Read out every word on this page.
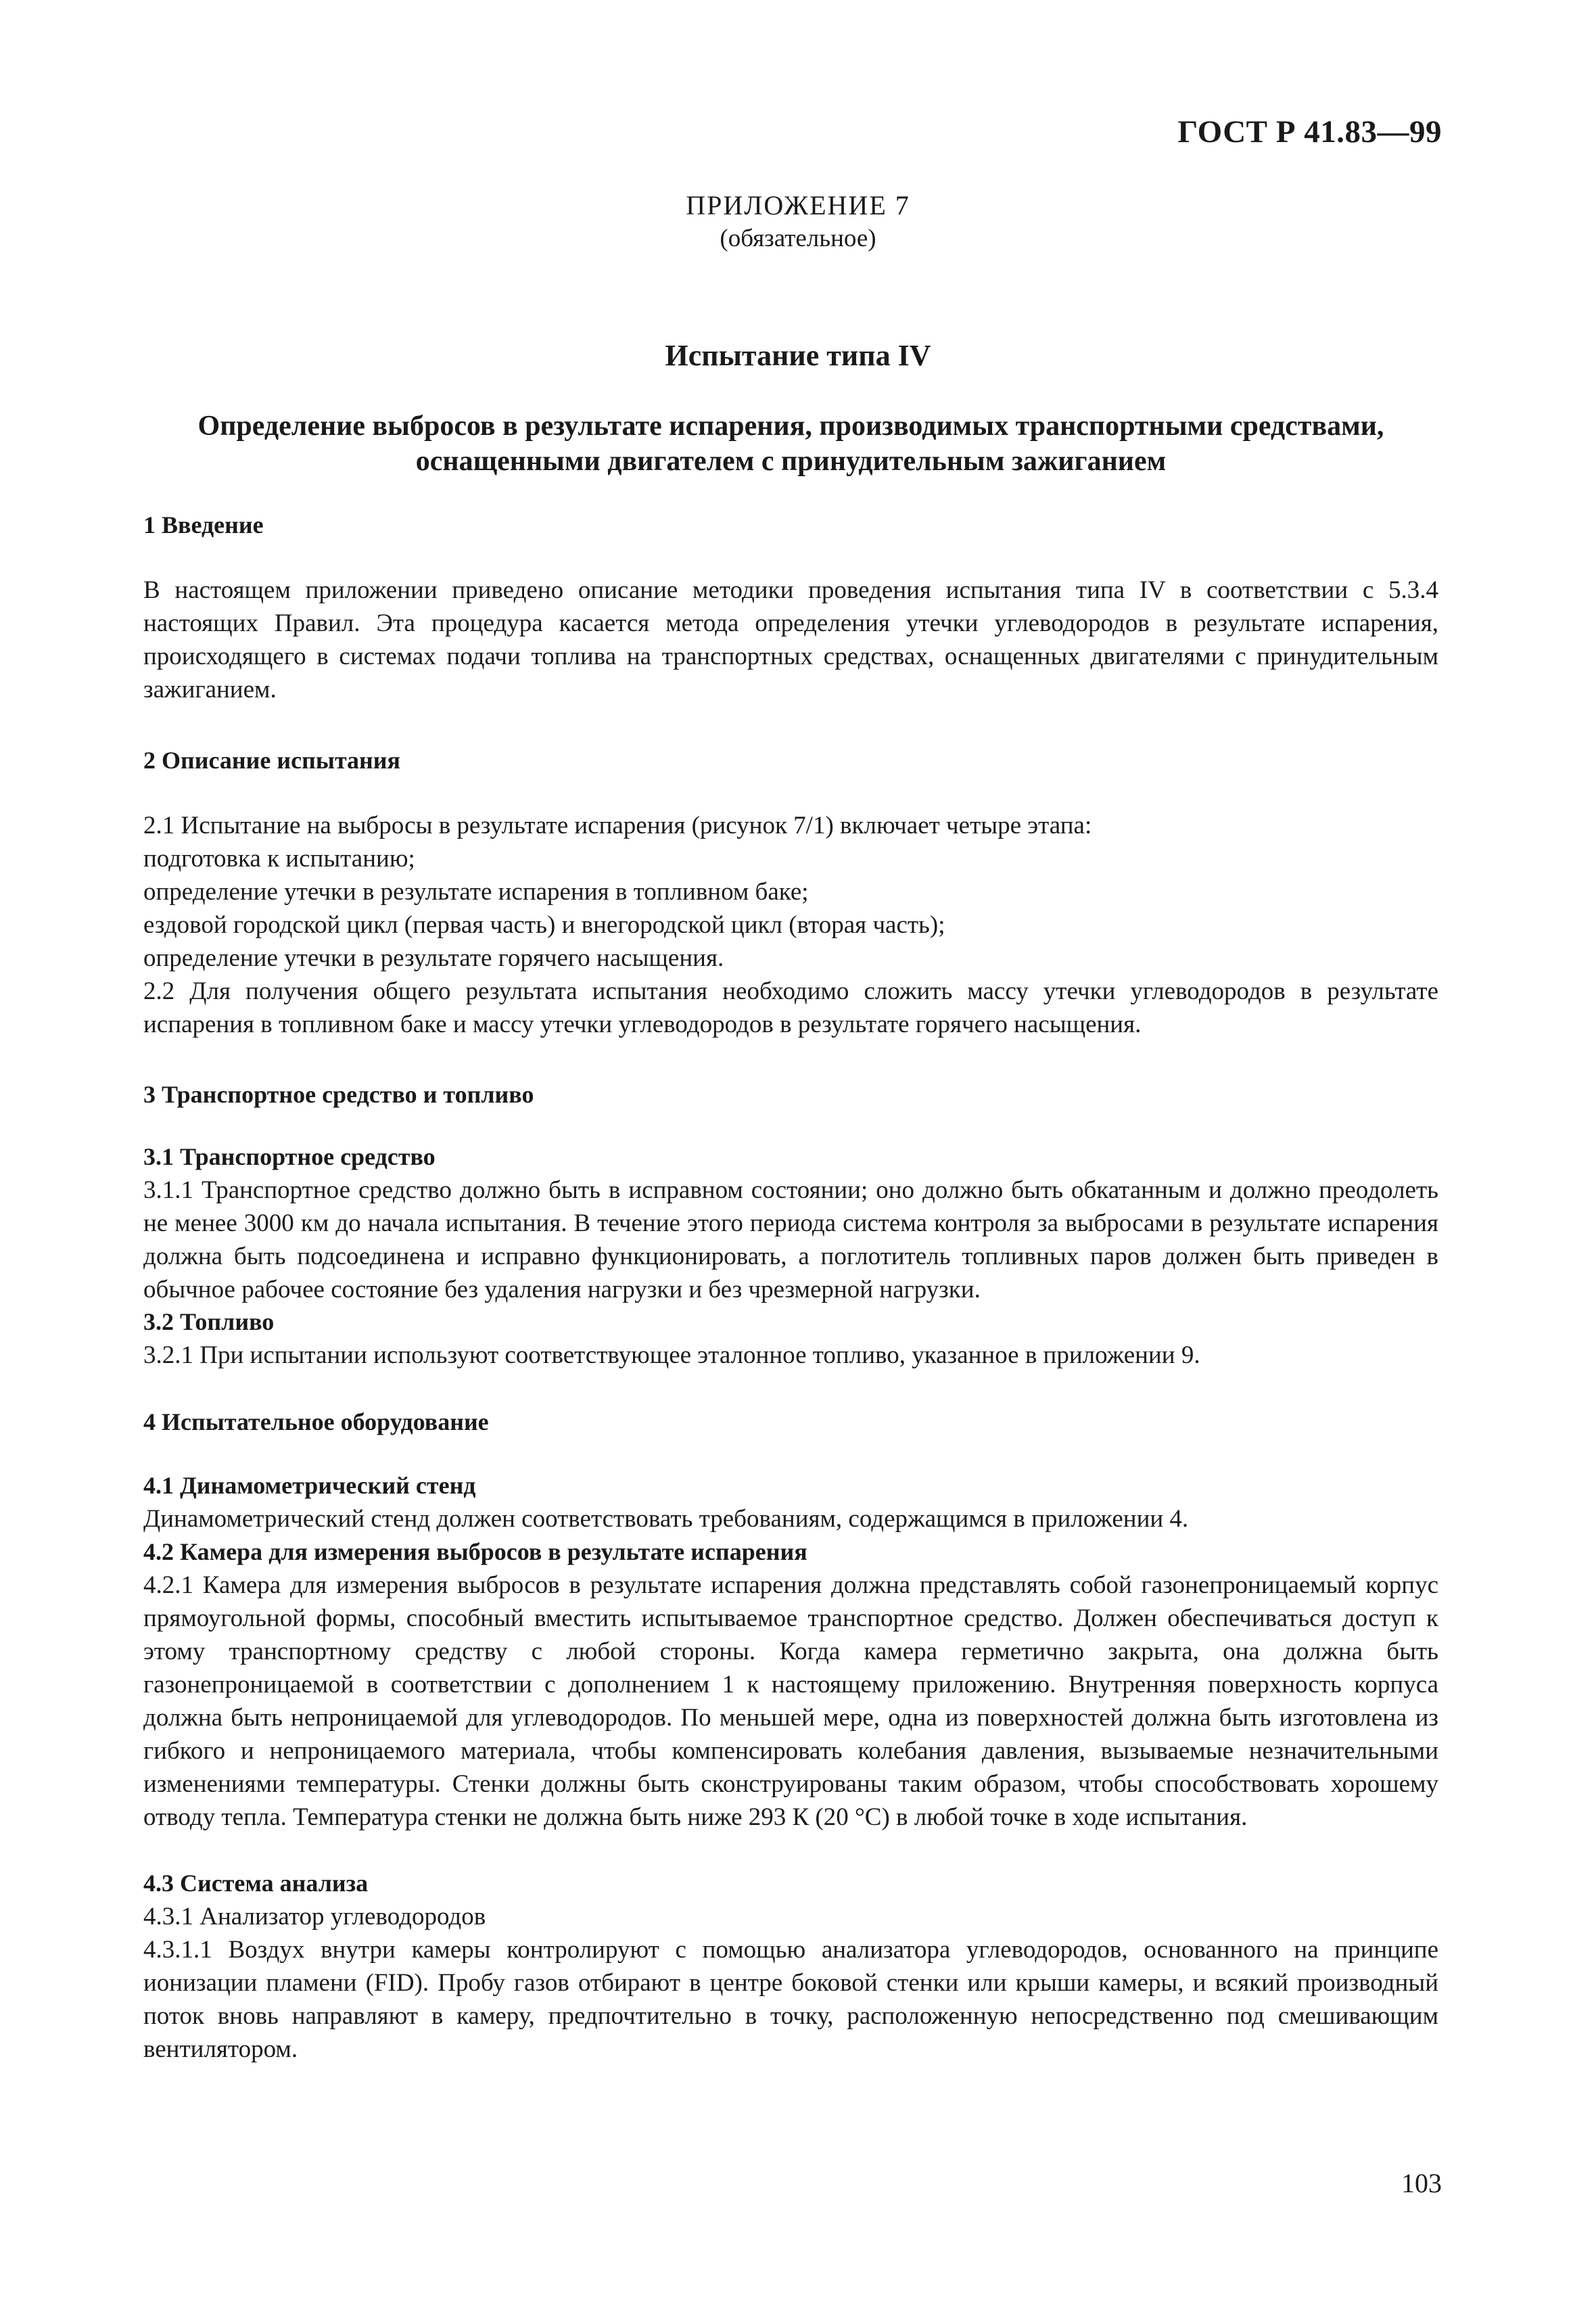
ГОСТ Р 41.83—99
ПРИЛОЖЕНИЕ 7
(обязательное)
Испытание типа IV
Определение выбросов в результате испарения, производимых транспортными средствами, оснащенными двигателем с принудительным зажиганием
1 Введение
В настоящем приложении приведено описание методики проведения испытания типа IV в соответствии с 5.3.4 настоящих Правил. Эта процедура касается метода определения утечки углеводородов в результате испарения, происходящего в системах подачи топлива на транспортных средствах, оснащенных двигателями с принудительным зажиганием.
2 Описание испытания
2.1 Испытание на выбросы в результате испарения (рисунок 7/1) включает четыре этапа:
подготовка к испытанию;
определение утечки в результате испарения в топливном баке;
ездовой городской цикл (первая часть) и внегородской цикл (вторая часть);
определение утечки в результате горячего насыщения.
2.2 Для получения общего результата испытания необходимо сложить массу утечки углеводородов в результате испарения в топливном баке и массу утечки углеводородов в результате горячего насыщения.
3 Транспортное средство и топливо
3.1 Транспортное средство
3.1.1 Транспортное средство должно быть в исправном состоянии; оно должно быть обкатанным и должно преодолеть не менее 3000 км до начала испытания. В течение этого периода система контроля за выбросами в результате испарения должна быть подсоединена и исправно функционировать, а поглотитель топливных паров должен быть приведен в обычное рабочее состояние без удаления нагрузки и без чрезмерной нагрузки.
3.2 Топливо
3.2.1 При испытании используют соответствующее эталонное топливо, указанное в приложении 9.
4 Испытательное оборудование
4.1 Динамометрический стенд
Динамометрический стенд должен соответствовать требованиям, содержащимся в приложении 4.
4.2 Камера для измерения выбросов в результате испарения
4.2.1 Камера для измерения выбросов в результате испарения должна представлять собой газонепроницаемый корпус прямоугольной формы, способный вместить испытываемое транспортное средство. Должен обеспечиваться доступ к этому транспортному средству с любой стороны. Когда камера герметично закрыта, она должна быть газонепроницаемой в соответствии с дополнением 1 к настоящему приложению. Внутренняя поверхность корпуса должна быть непроницаемой для углеводородов. По меньшей мере, одна из поверхностей должна быть изготовлена из гибкого и непроницаемого материала, чтобы компенсировать колебания давления, вызываемые незначительными изменениями температуры. Стенки должны быть сконструированы таким образом, чтобы способствовать хорошему отводу тепла. Температура стенки не должна быть ниже 293 К (20 °С) в любой точке в ходе испытания.
4.3 Система анализа
4.3.1 Анализатор углеводородов
4.3.1.1 Воздух внутри камеры контролируют с помощью анализатора углеводородов, основанного на принципе ионизации пламени (FID). Пробу газов отбирают в центре боковой стенки или крыши камеры, и всякий производный поток вновь направляют в камеру, предпочтительно в точку, расположенную непосредственно под смешивающим вентилятором.
103
